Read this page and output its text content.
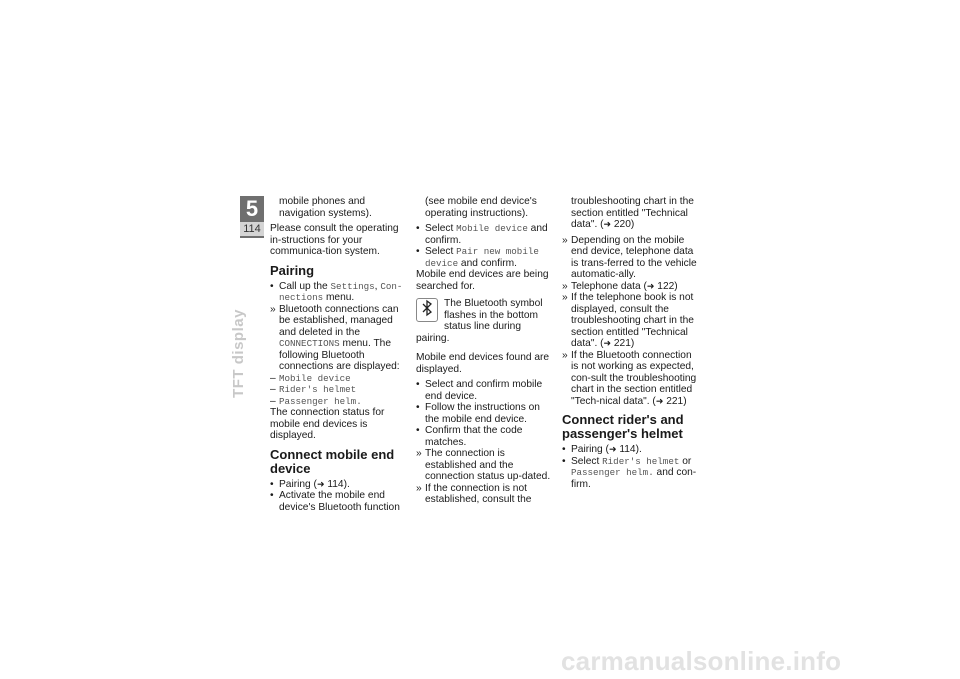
5
114
TFT display

mobile phones and navigation systems).

Please consult the operating in-structions for your communica-tion system.

Pairing

• Call up the Settings, Con-nections menu.

» Bluetooth connections can be established, managed and deleted in the CONNECTIONS menu. The following Bluetooth connections are displayed:

– Mobile device

– Rider's helmet

– Passenger helm.

The connection status for mobile end devices is displayed.

Connect mobile end device

• Pairing (➜ 114).

• Activate the mobile end device's Bluetooth function

(see mobile end device's operating instructions).

• Select Mobile device and confirm.

• Select Pair new mobile device and confirm.

Mobile end devices are being searched for.

The Bluetooth symbol flashes in the bottom status line during pairing.

Mobile end devices found are displayed.

• Select and confirm mobile end device.

• Follow the instructions on the mobile end device.

• Confirm that the code matches.

» The connection is established and the connection status up-dated.

» If the connection is not established, consult the

troubleshooting chart in the section entitled "Technical data". (➜ 220)

» Depending on the mobile end device, telephone data is trans-ferred to the vehicle automatic-ally.

» Telephone data (➜ 122)

» If the telephone book is not displayed, consult the troubleshooting chart in the section entitled "Technical data". (➜ 221)

» If the Bluetooth connection is not working as expected, con-sult the troubleshooting chart in the section entitled "Tech-nical data". (➜ 221)

Connect rider's and passenger's helmet

• Pairing (➜ 114).

• Select Rider's helmet or Passenger helm. and con-firm.

carmanualsonline.info
